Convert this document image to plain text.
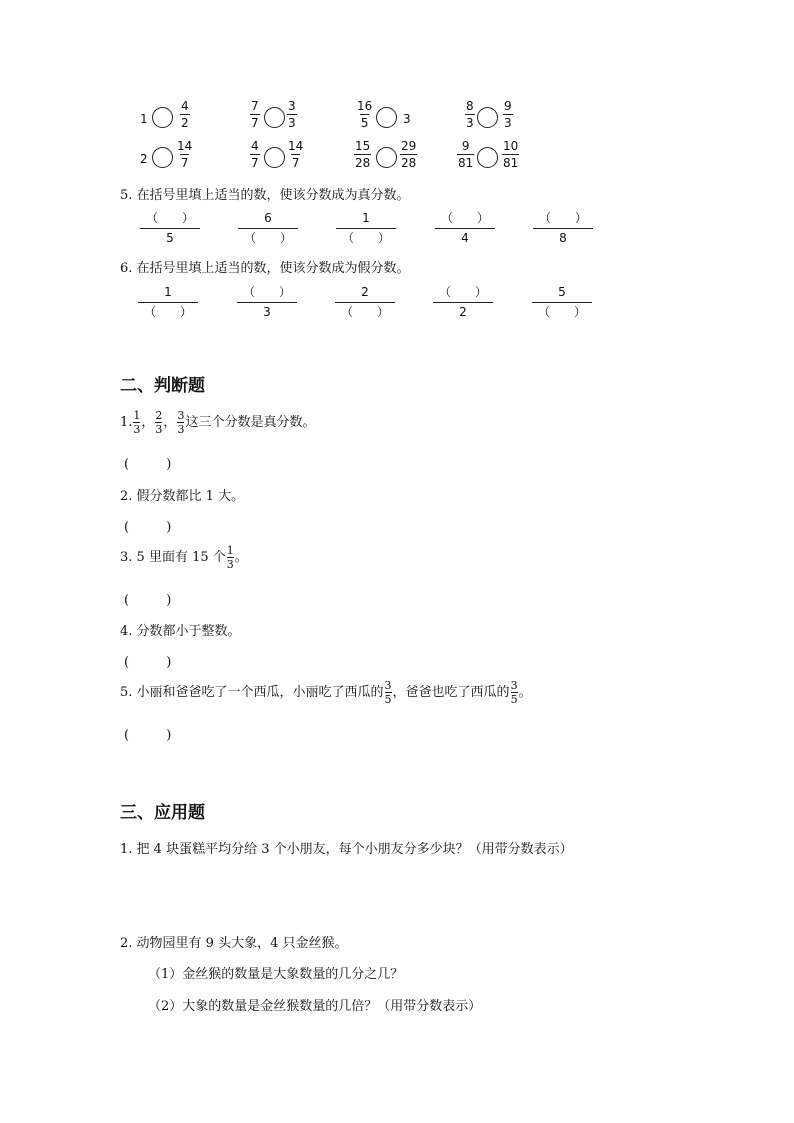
1	$\frac{4}{2}$	$\frac{7}{7} \frac{3}{3}$	$\frac{16}{5} 3$	$\frac{8}{3} \frac{9}{3}$
$2 \frac{14}{7}$	$\frac{4}{7} \frac{14}{7}$	$\frac{15}{28} \frac{29}{28}$	$\frac{9}{81} \frac{10}{81}$
5. 在括号里填上适当的数，使该分数成为真分数。
（　　）
5
6
（　　）
1
（　　）
（　　）
4
（　　）
8
6. 在括号里填上适当的数，使该分数成为假分数。
1
（　　）
（　　）
3
2
（　　）
（　　）
2
5
（　　）
二、判断题
1. $\frac{1}{3}$ ， $\frac{2}{3}$ ， $\frac{3}{3}$ 这三个分数是真分数。
(         )
2. 假分数都比 1 大。
(         )
3. 5 里面有 15 个 $\frac{1}{3}$ 。
(         )
4. 分数都小于整数。
(         )
5. 小丽和爸爸吃了一个西瓜，小丽吃了西瓜的 $\frac{3}{5}$ ，爸爸也吃了西瓜的 $\frac{3}{5}$ 。
(         )
三、应用题
1. 把 4 块蛋糕平均分给 3 个小朋友，每个小朋友分多少块？（用带分数表示）
2. 动物园里有 9 头大象，4 只金丝猴。
（1）金丝猴的数量是大象数量的几分之几？
（2）大象的数量是金丝猴数量的几倍？（用带分数表示）
